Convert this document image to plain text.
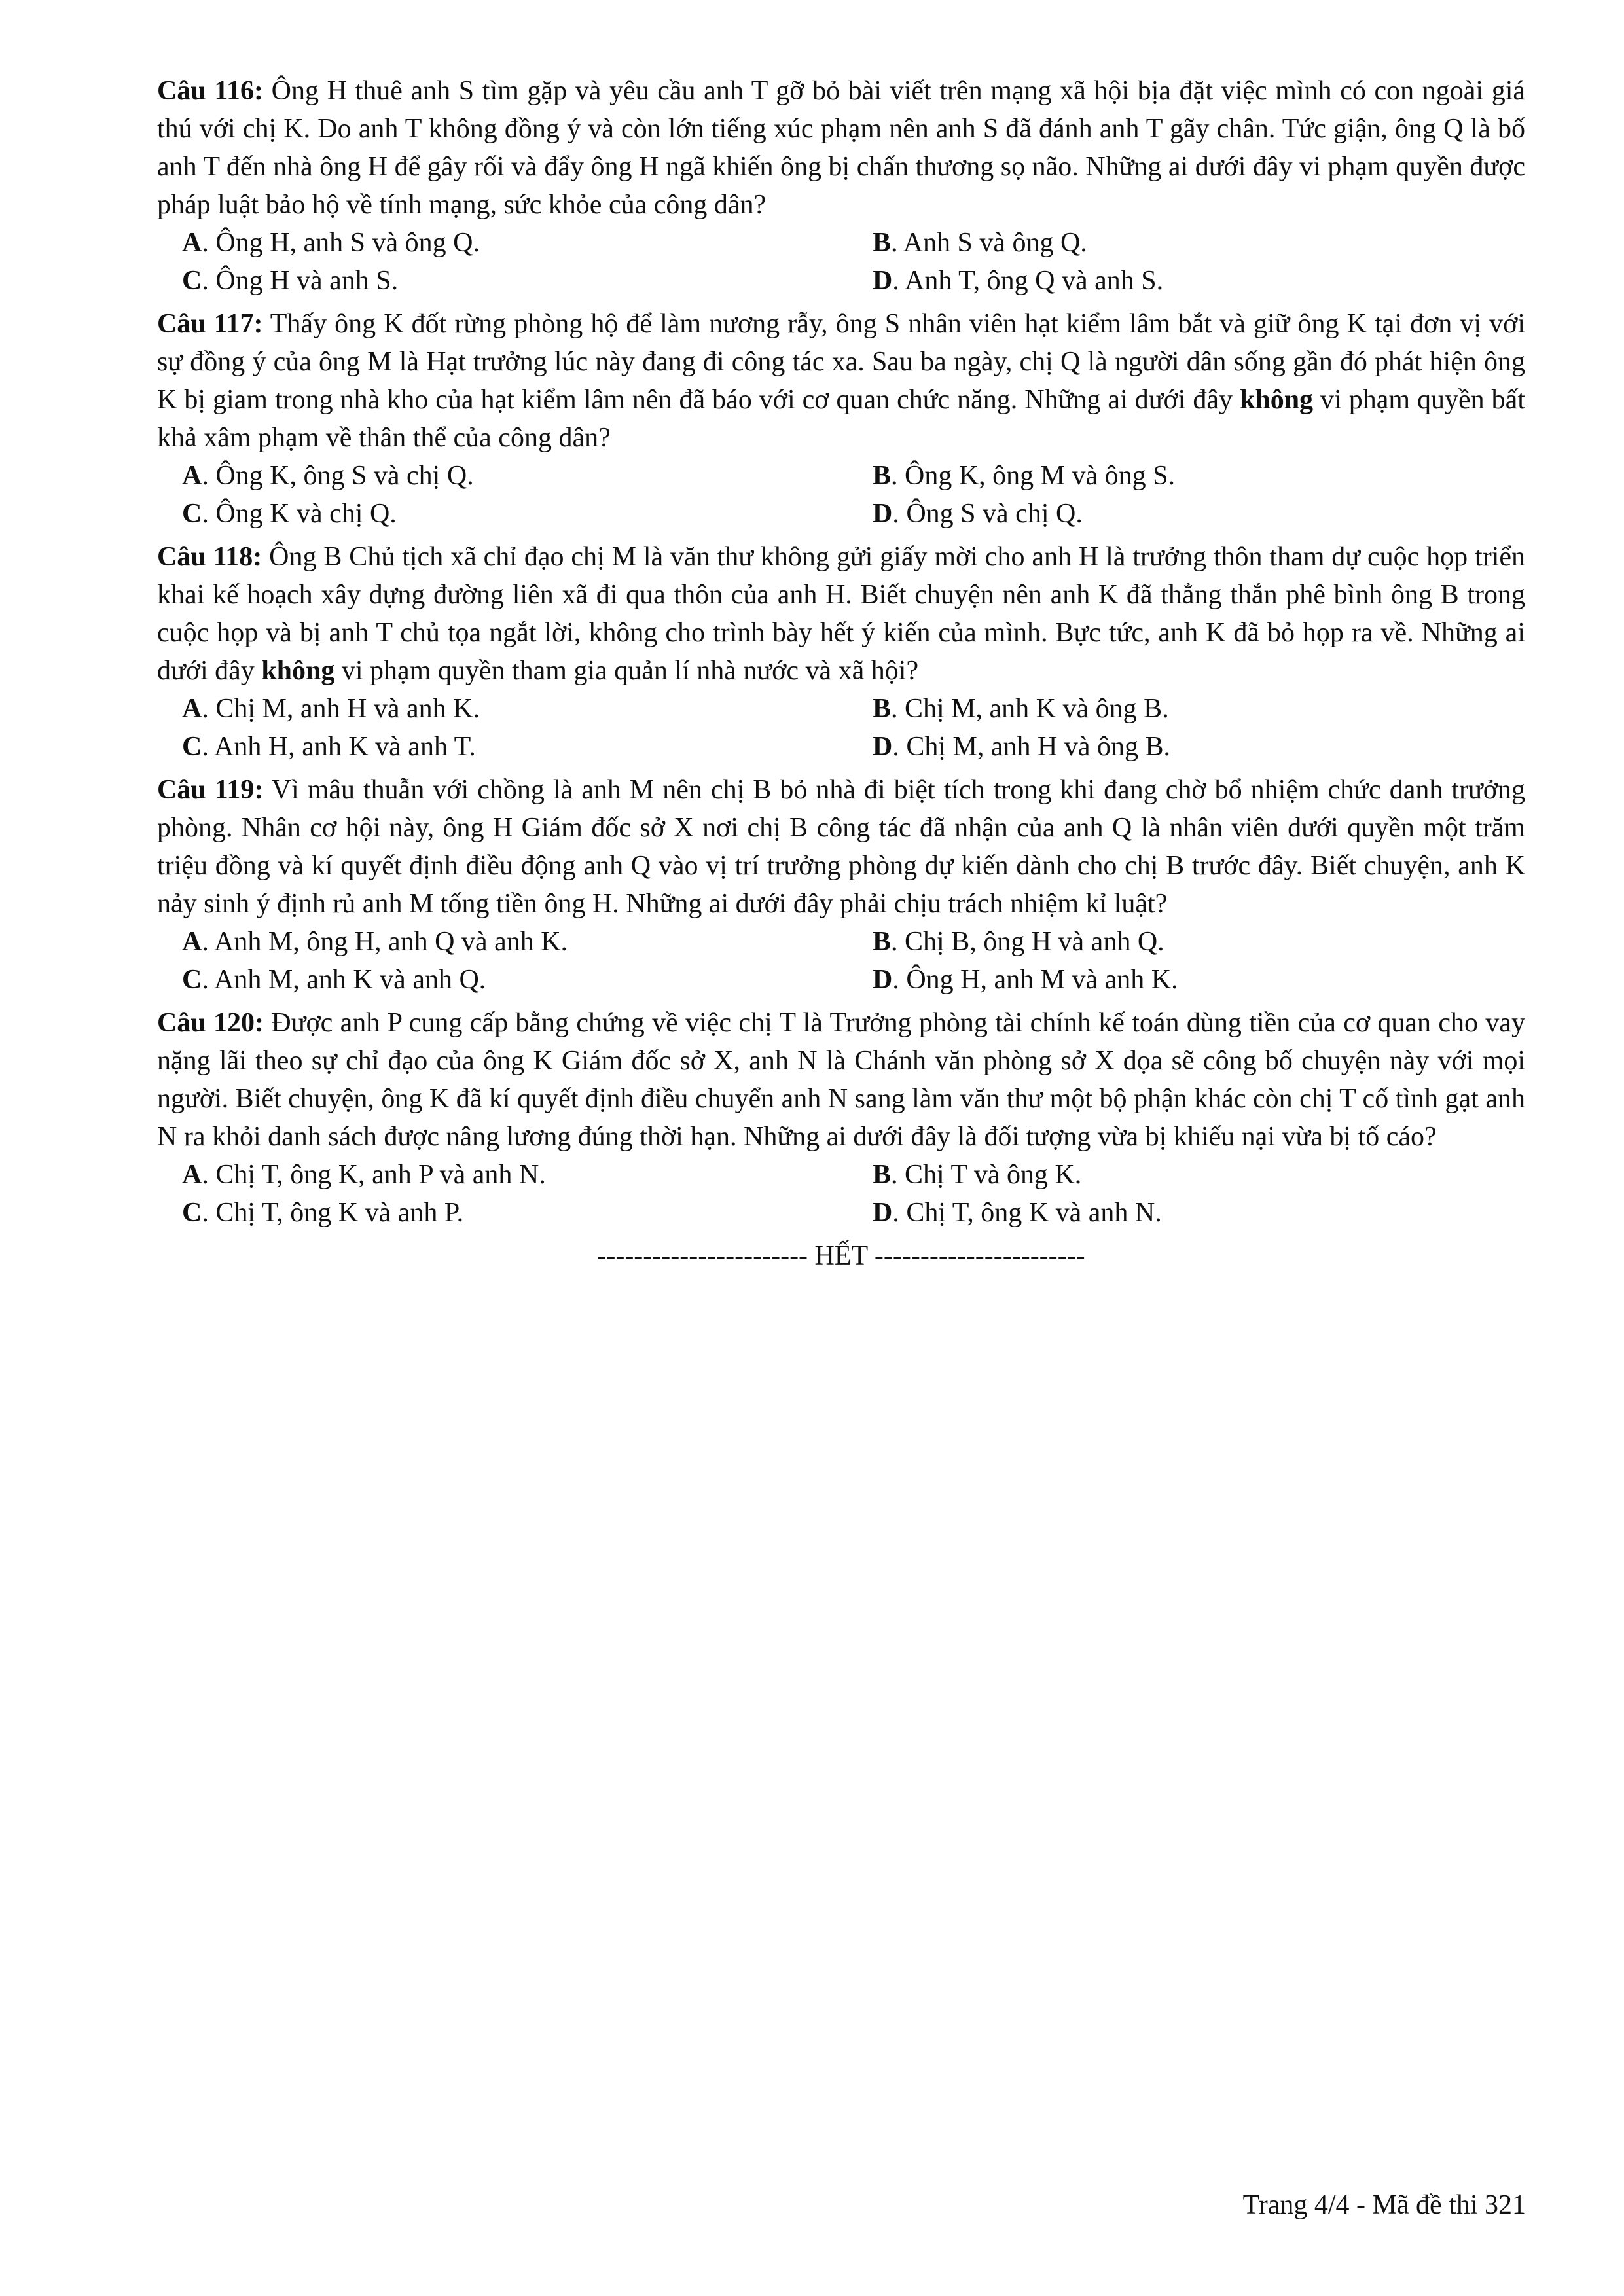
Câu 116: Ông H thuê anh S tìm gặp và yêu cầu anh T gỡ bỏ bài viết trên mạng xã hội bịa đặt việc mình có con ngoài giá thú với chị K. Do anh T không đồng ý và còn lớn tiếng xúc phạm nên anh S đã đánh anh T gãy chân. Tức giận, ông Q là bố anh T đến nhà ông H để gây rối và đẩy ông H ngã khiến ông bị chấn thương sọ não. Những ai dưới đây vi phạm quyền được pháp luật bảo hộ về tính mạng, sức khỏe của công dân?
A. Ông H, anh S và ông Q.	B. Anh S và ông Q.
C. Ông H và anh S.	D. Anh T, ông Q và anh S.
Câu 117: Thấy ông K đốt rừng phòng hộ để làm nương rẫy, ông S nhân viên hạt kiểm lâm bắt và giữ ông K tại đơn vị với sự đồng ý của ông M là Hạt trưởng lúc này đang đi công tác xa. Sau ba ngày, chị Q là người dân sống gần đó phát hiện ông K bị giam trong nhà kho của hạt kiểm lâm nên đã báo với cơ quan chức năng. Những ai dưới đây không vi phạm quyền bất khả xâm phạm về thân thể của công dân?
A. Ông K, ông S và chị Q.	B. Ông K, ông M và ông S.
C. Ông K và chị Q.	D. Ông S và chị Q.
Câu 118: Ông B Chủ tịch xã chỉ đạo chị M là văn thư không gửi giấy mời cho anh H là trưởng thôn tham dự cuộc họp triển khai kế hoạch xây dựng đường liên xã đi qua thôn của anh H. Biết chuyện nên anh K đã thẳng thắn phê bình ông B trong cuộc họp và bị anh T chủ tọa ngắt lời, không cho trình bày hết ý kiến của mình. Bực tức, anh K đã bỏ họp ra về. Những ai dưới đây không vi phạm quyền tham gia quản lí nhà nước và xã hội?
A. Chị M, anh H và anh K.	B. Chị M, anh K và ông B.
C. Anh H, anh K và anh T.	D. Chị M, anh H và ông B.
Câu 119: Vì mâu thuẫn với chồng là anh M nên chị B bỏ nhà đi biệt tích trong khi đang chờ bổ nhiệm chức danh trưởng phòng. Nhân cơ hội này, ông H Giám đốc sở X nơi chị B công tác đã nhận của anh Q là nhân viên dưới quyền một trăm triệu đồng và kí quyết định điều động anh Q vào vị trí trưởng phòng dự kiến dành cho chị B trước đây. Biết chuyện, anh K nảy sinh ý định rủ anh M tống tiền ông H. Những ai dưới đây phải chịu trách nhiệm kỉ luật?
A. Anh M, ông H, anh Q và anh K.	B. Chị B, ông H và anh Q.
C. Anh M, anh K và anh Q.	D. Ông H, anh M và anh K.
Câu 120: Được anh P cung cấp bằng chứng về việc chị T là Trưởng phòng tài chính kế toán dùng tiền của cơ quan cho vay nặng lãi theo sự chỉ đạo của ông K Giám đốc sở X, anh N là Chánh văn phòng sở X dọa sẽ công bố chuyện này với mọi người. Biết chuyện, ông K đã kí quyết định điều chuyển anh N sang làm văn thư một bộ phận khác còn chị T cố tình gạt anh N ra khỏi danh sách được nâng lương đúng thời hạn. Những ai dưới đây là đối tượng vừa bị khiếu nại vừa bị tố cáo?
A. Chị T, ông K, anh P và anh N.	B. Chị T và ông K.
C. Chị T, ông K và anh P.	D. Chị T, ông K và anh N.
----------------------- HẾT -----------------------
Trang 4/4 - Mã đề thi 321
